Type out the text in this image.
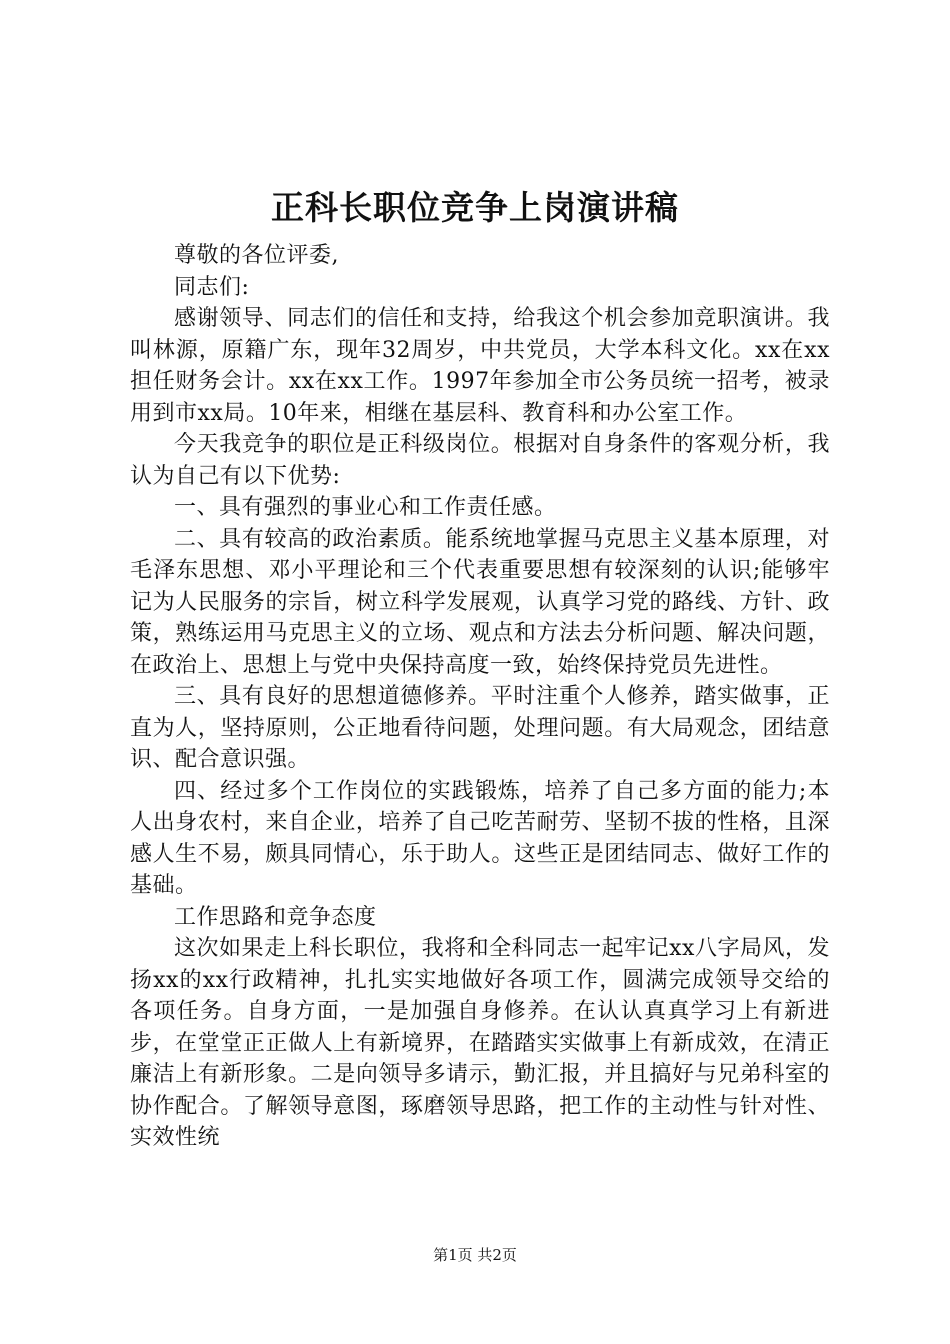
正科长职位竞争上岗演讲稿

尊敬的各位评委,

同志们:

感谢领导、同志们的信任和支持，给我这个机会参加竞职演讲。我叫林源，原籍广东，现年32周岁，中共党员，大学本科文化。xx在xx担任财务会计。xx在xx工作。1997年参加全市公务员统一招考，被录用到市xx局。10年来，相继在基层科、教育科和办公室工作。

今天我竞争的职位是正科级岗位。根据对自身条件的客观分析，我认为自己有以下优势:

一、具有强烈的事业心和工作责任感。

二、具有较高的政治素质。能系统地掌握马克思主义基本原理，对毛泽东思想、邓小平理论和三个代表重要思想有较深刻的认识;能够牢记为人民服务的宗旨，树立科学发展观，认真学习党的路线、方针、政策，熟练运用马克思主义的立场、观点和方法去分析问题、解决问题，在政治上、思想上与党中央保持高度一致，始终保持党员先进性。

三、具有良好的思想道德修养。平时注重个人修养，踏实做事，正直为人，坚持原则，公正地看待问题，处理问题。有大局观念，团结意识、配合意识强。

四、经过多个工作岗位的实践锻炼，培养了自己多方面的能力;本人出身农村，来自企业，培养了自己吃苦耐劳、坚韧不拔的性格，且深感人生不易，颇具同情心，乐于助人。这些正是团结同志、做好工作的基础。

工作思路和竞争态度

这次如果走上科长职位，我将和全科同志一起牢记xx八字局风，发扬xx的xx行政精神，扎扎实实地做好各项工作，圆满完成领导交给的各项任务。自身方面，一是加强自身修养。在认认真真学习上有新进步，在堂堂正正做人上有新境界，在踏踏实实做事上有新成效，在清正廉洁上有新形象。二是向领导多请示，勤汇报，并且搞好与兄弟科室的协作配合。了解领导意图，琢磨领导思路，把工作的主动性与针对性、实效性统

第1页 共2页
